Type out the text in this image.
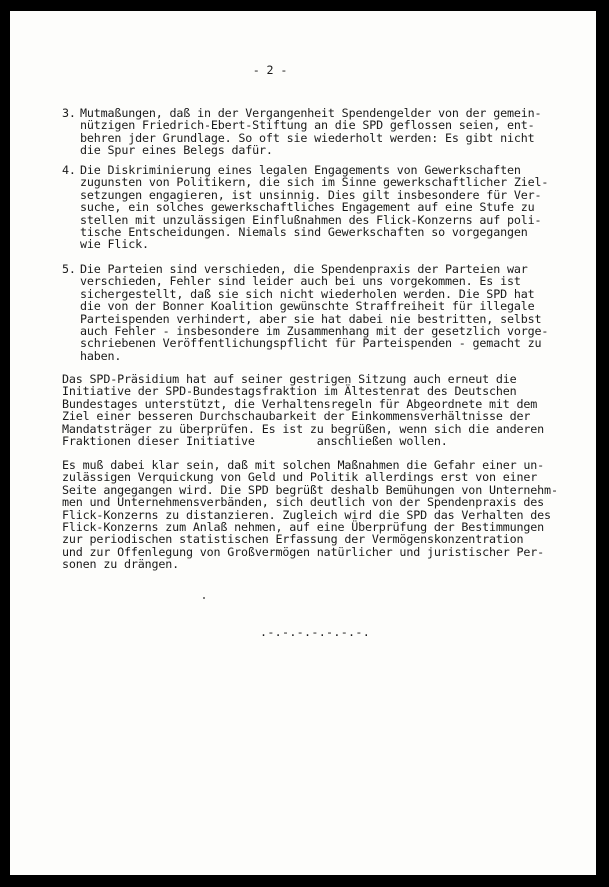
- 2 -
3. Mutmaßungen, daß in der Vergangenheit Spendengelder von der gemein-
nützigen Friedrich-Ebert-Stiftung an die SPD geflossen seien, ent-
behren jder Grundlage. So oft sie wiederholt werden: Es gibt nicht
die Spur eines Belegs dafür.
4. Die Diskriminierung eines legalen Engagements von Gewerkschaften
zugunsten von Politikern, die sich im Sinne gewerkschaftlicher Ziel-
setzungen engagieren, ist unsinnig. Dies gilt insbesondere für Ver-
suche, ein solches gewerkschaftliches Engagement auf eine Stufe zu
stellen mit unzulässigen Einflußnahmen des Flick-Konzerns auf poli-
tische Entscheidungen. Niemals sind Gewerkschaften so vorgegangen
wie Flick.
5. Die Parteien sind verschieden, die Spendenpraxis der Parteien war
verschieden, Fehler sind leider auch bei uns vorgekommen. Es ist
sichergestellt, daß sie sich nicht wiederholen werden. Die SPD hat
die von der Bonner Koalition gewünschte Straffreiheit für illegale
Parteispenden verhindert, aber sie hat dabei nie bestritten, selbst
auch Fehler - insbesondere im Zusammenhang mit der gesetzlich vorge-
schriebenen Veröffentlichungspflicht für Parteispenden - gemacht zu
haben.
Das SPD-Präsidium hat auf seiner gestrigen Sitzung auch erneut die
Initiative der SPD-Bundestagsfraktion im Ältestenrat des Deutschen
Bundestages unterstützt, die Verhaltensregeln für Abgeordnete mit dem
Ziel einer besseren Durchschaubarkeit der Einkommensverhältnisse der
Mandatsträger zu überprüfen. Es ist zu begrüßen, wenn sich die anderen
Fraktionen dieser Initiative         anschließen wollen.
Es muß dabei klar sein, daß mit solchen Maßnahmen die Gefahr einer un-
zulässigen Verquickung von Geld und Politik allerdings erst von einer
Seite angegangen wird. Die SPD begrüßt deshalb Bemühungen von Unternehm-
men und Unternehmensverbänden, sich deutlich von der Spendenpraxis des
Flick-Konzerns zu distanzieren. Zugleich wird die SPD das Verhalten des
Flick-Konzerns zum Anlaß nehmen, auf eine Überprüfung der Bestimmungen
zur periodischen statistischen Erfassung der Vermögenskonzentration
und zur Offenlegung von Großvermögen natürlicher und juristischer Per-
sonen zu drängen.
.-.-.-.-.-.-.-.
